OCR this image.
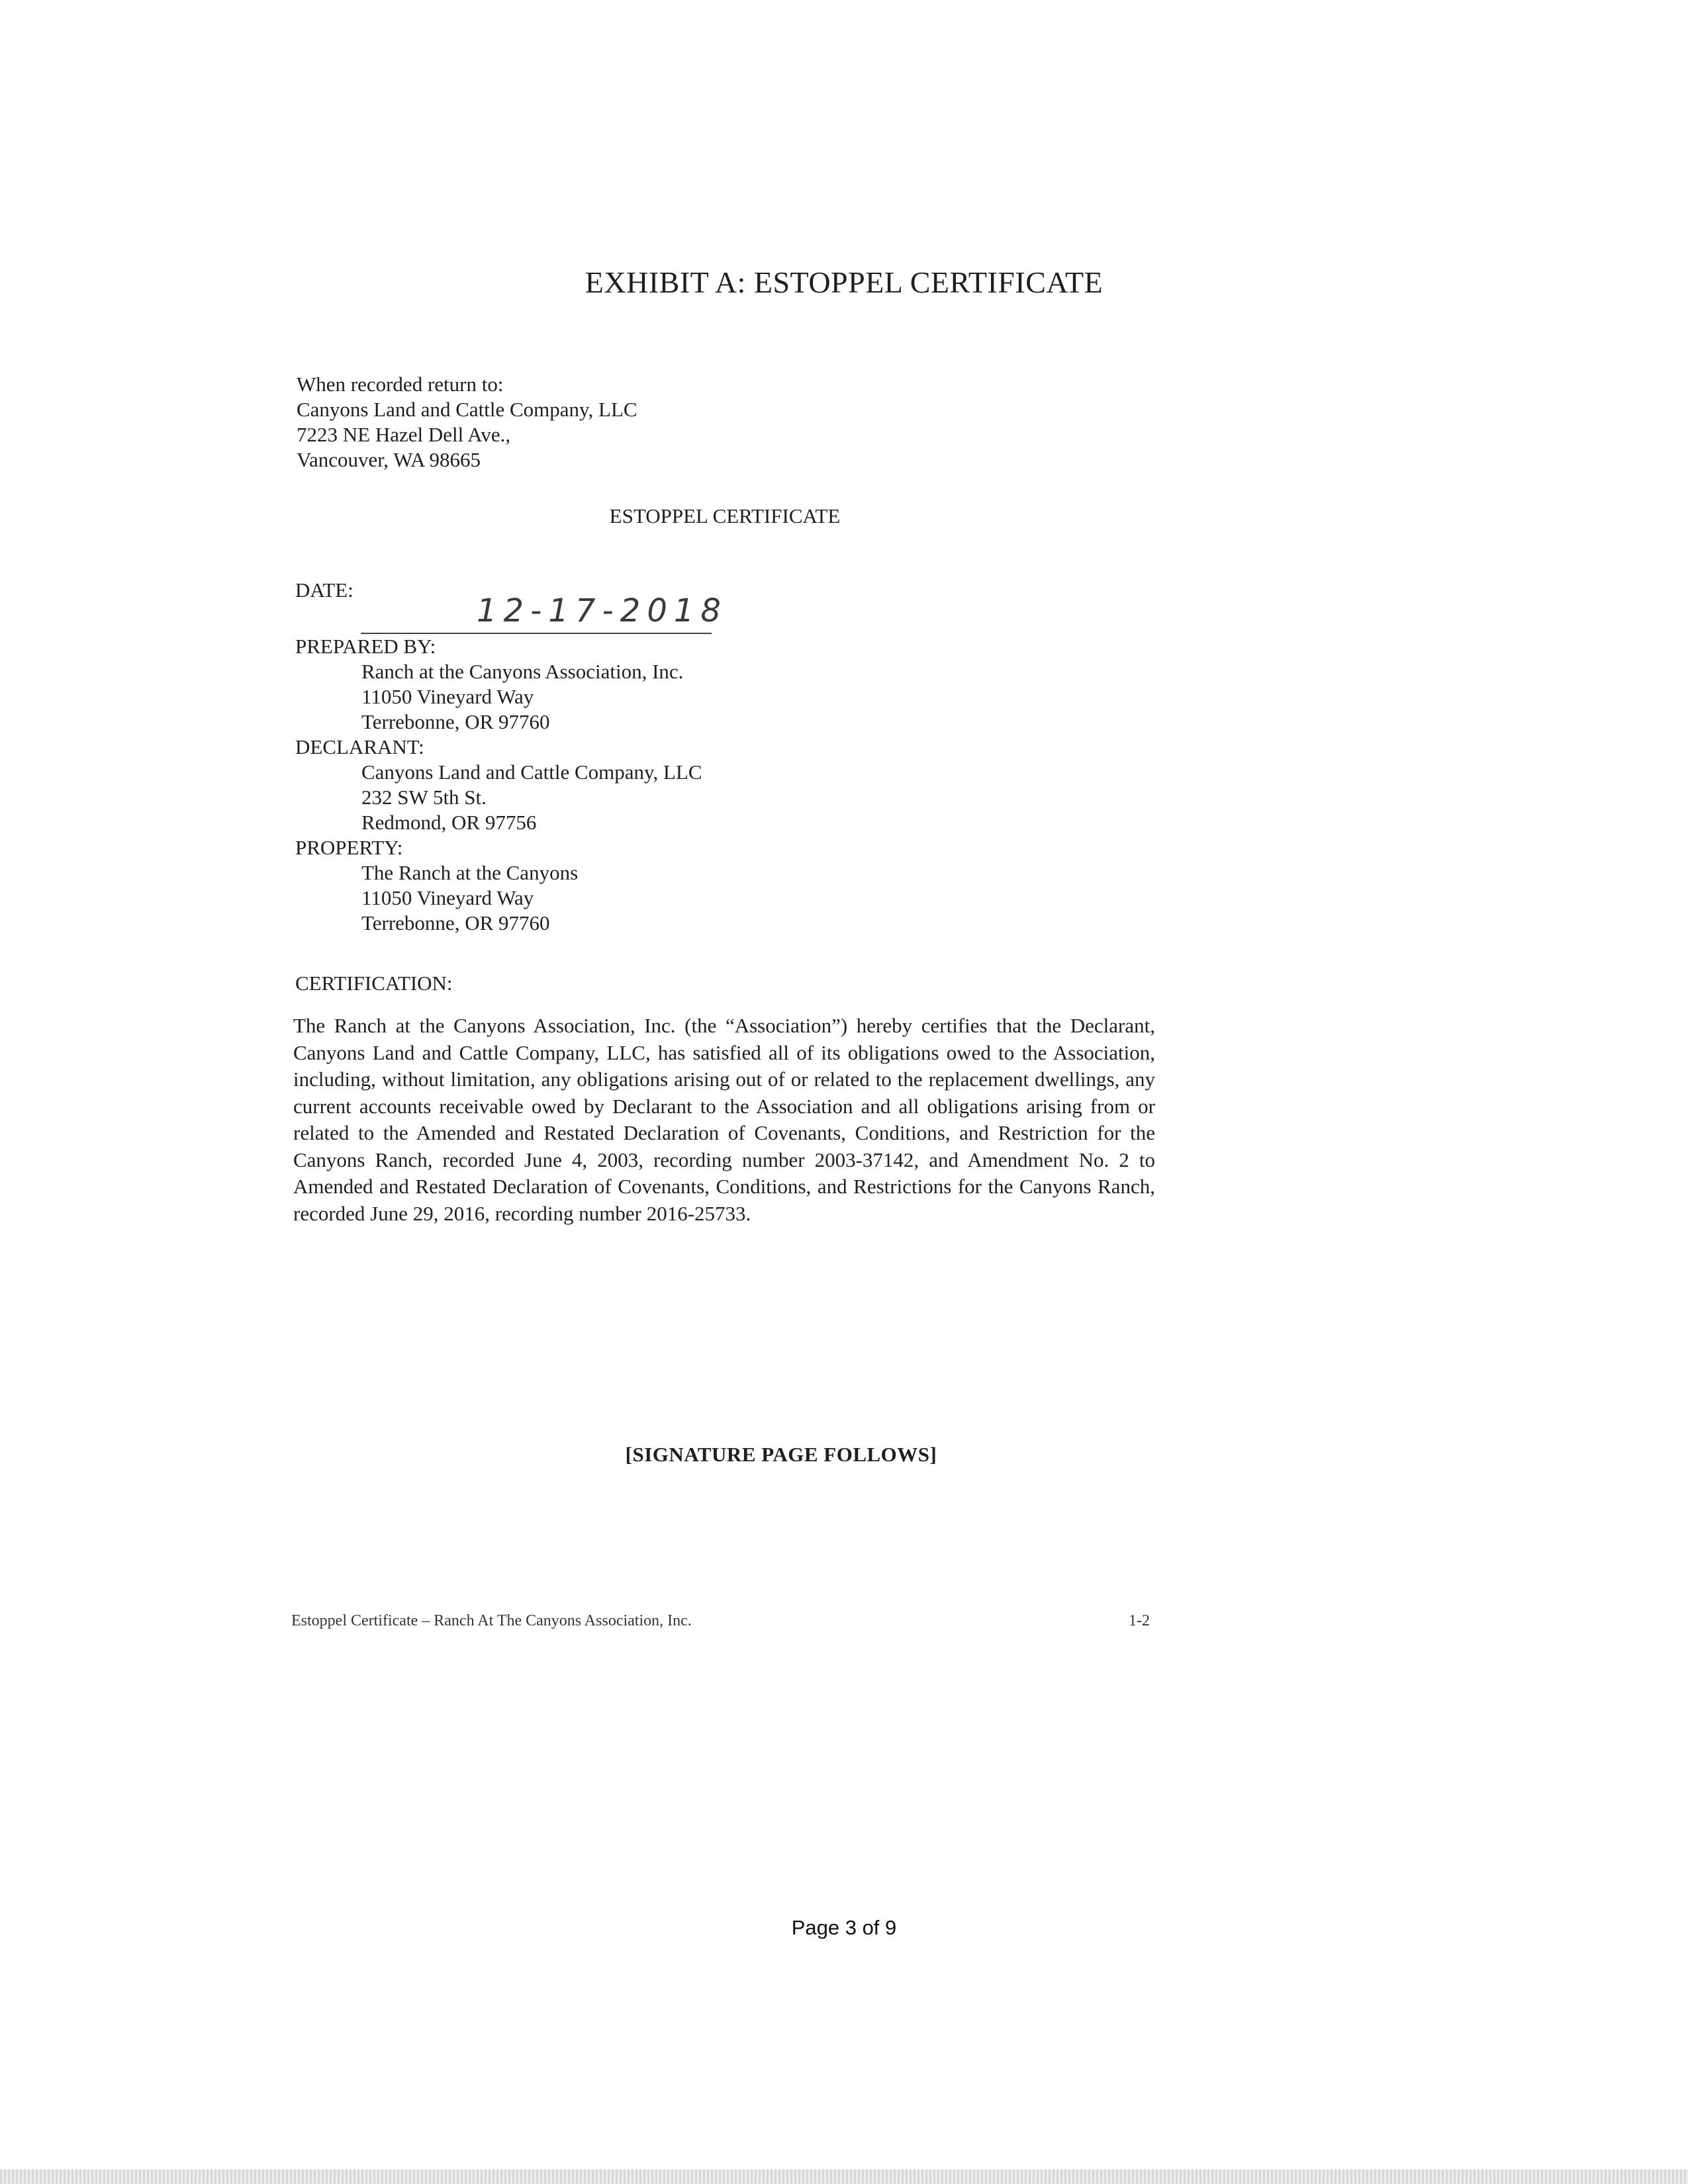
EXHIBIT A: ESTOPPEL CERTIFICATE
When recorded return to:
Canyons Land and Cattle Company, LLC
7223 NE Hazel Dell Ave.,
Vancouver, WA 98665
ESTOPPEL CERTIFICATE
DATE:
12-17-2018
PREPARED BY:
Ranch at the Canyons Association, Inc.
11050 Vineyard Way
Terrebonne, OR 97760
DECLARANT:
Canyons Land and Cattle Company, LLC
232 SW 5th St.
Redmond, OR 97756
PROPERTY:
The Ranch at the Canyons
11050 Vineyard Way
Terrebonne, OR 97760
CERTIFICATION:
The Ranch at the Canyons Association, Inc. (the “Association”) hereby certifies that the Declarant, Canyons Land and Cattle Company, LLC, has satisfied all of its obligations owed to the Association, including, without limitation, any obligations arising out of or related to the replacement dwellings, any current accounts receivable owed by Declarant to the Association and all obligations arising from or related to the Amended and Restated Declaration of Covenants, Conditions, and Restriction for the Canyons Ranch, recorded June 4, 2003, recording number 2003-37142, and Amendment No. 2 to Amended and Restated Declaration of Covenants, Conditions, and Restrictions for the Canyons Ranch, recorded June 29, 2016, recording number 2016-25733.
[SIGNATURE PAGE FOLLOWS]
Estoppel Certificate – Ranch At The Canyons Association, Inc.	1-2
Page 3 of 9
